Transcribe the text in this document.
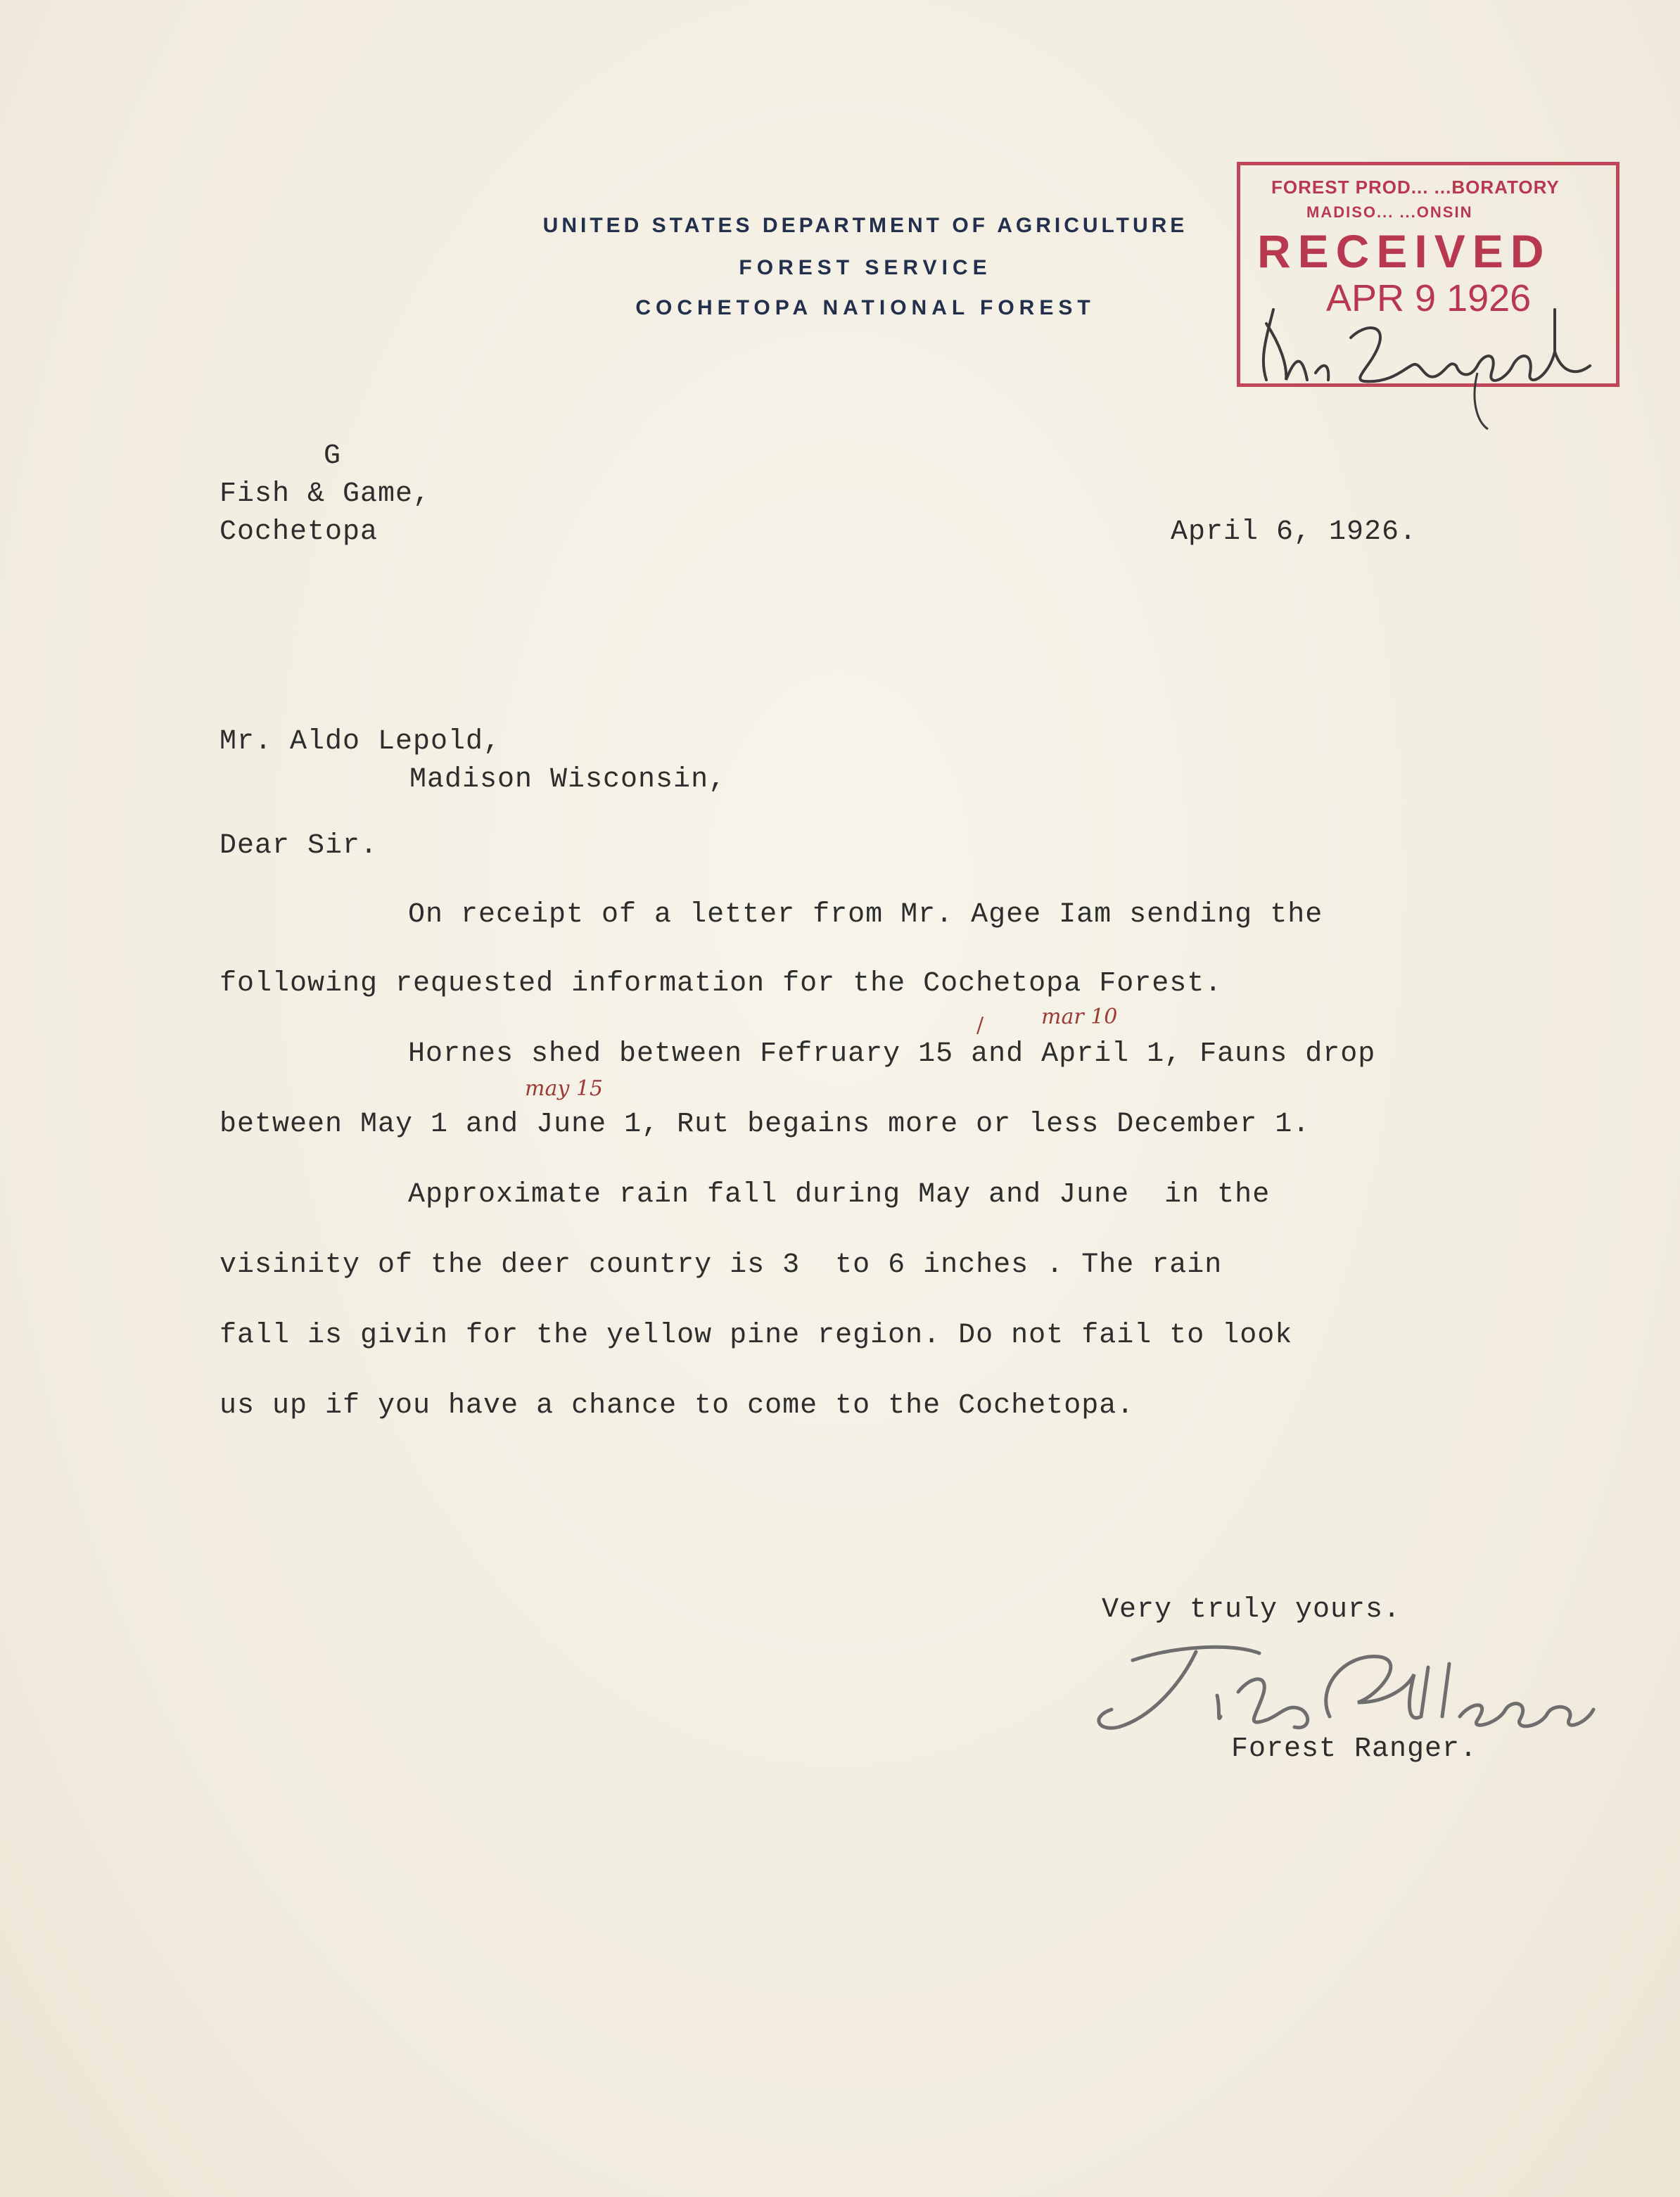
UNITED STATES DEPARTMENT OF AGRICULTURE
FOREST SERVICE
COCHETOPA NATIONAL FOREST
FOREST PROD... ...BORATORY
MADISO... ...ONSIN
RECEIVED
APR 9 1926
G
Fish & Game,
Cochetopa	April 6, 1926.
Mr. Aldo Lepold,
Madison Wisconsin,
Dear Sir.
On receipt of a letter from Mr. Agee Iam sending the
following requested information for the Cochetopa Forest.
Hornes shed between Fefruary 15 and April 1, Fauns drop
between May 1 and June 1, Rut begains more or less December 1.
Approximate rain fall during May and June  in the
visinity of the deer country is 3  to 6 inches . The rain
fall is givin for the yellow pine region. Do not fail to look
us up if you have a chance to come to the Cochetopa.
mar 10
/
may 15
Very truly yours.
Forest Ranger.
